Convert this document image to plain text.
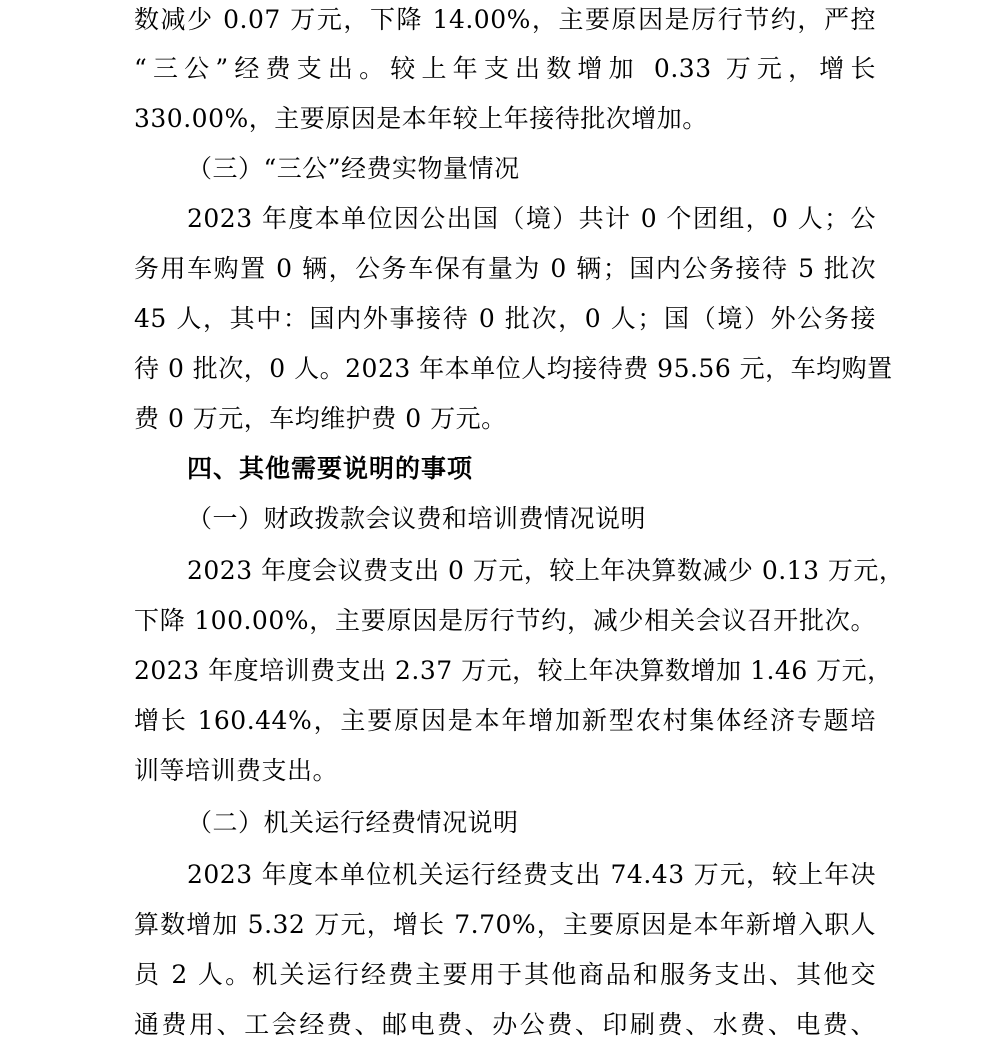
数减少 0.07 万元，下降 14.00%，主要原因是厉行节约，严控
“三公”经费支出。较上年支出数增加 0.33 万元，增长
330.00%，主要原因是本年较上年接待批次增加。
（三）“三公”经费实物量情况
2023 年度本单位因公出国（境）共计 0 个团组，0 人；公
务用车购置 0 辆，公务车保有量为 0 辆；国内公务接待 5 批次
45 人，其中：国内外事接待 0 批次，0 人；国（境）外公务接
待 0 批次，0 人。2023 年本单位人均接待费 95.56 元，车均购置
费 0 万元，车均维护费 0 万元。
四、其他需要说明的事项
（一）财政拨款会议费和培训费情况说明
2023 年度会议费支出 0 万元，较上年决算数减少 0.13 万元，
下降 100.00%，主要原因是厉行节约，减少相关会议召开批次。
2023 年度培训费支出 2.37 万元，较上年决算数增加 1.46 万元，
增长 160.44%，主要原因是本年增加新型农村集体经济专题培
训等培训费支出。
（二）机关运行经费情况说明
2023 年度本单位机关运行经费支出 74.43 万元，较上年决
算数增加 5.32 万元，增长 7.70%，主要原因是本年新增入职人
员 2 人。机关运行经费主要用于其他商品和服务支出、其他交
通费用、工会经费、邮电费、办公费、印刷费、水费、电费、
